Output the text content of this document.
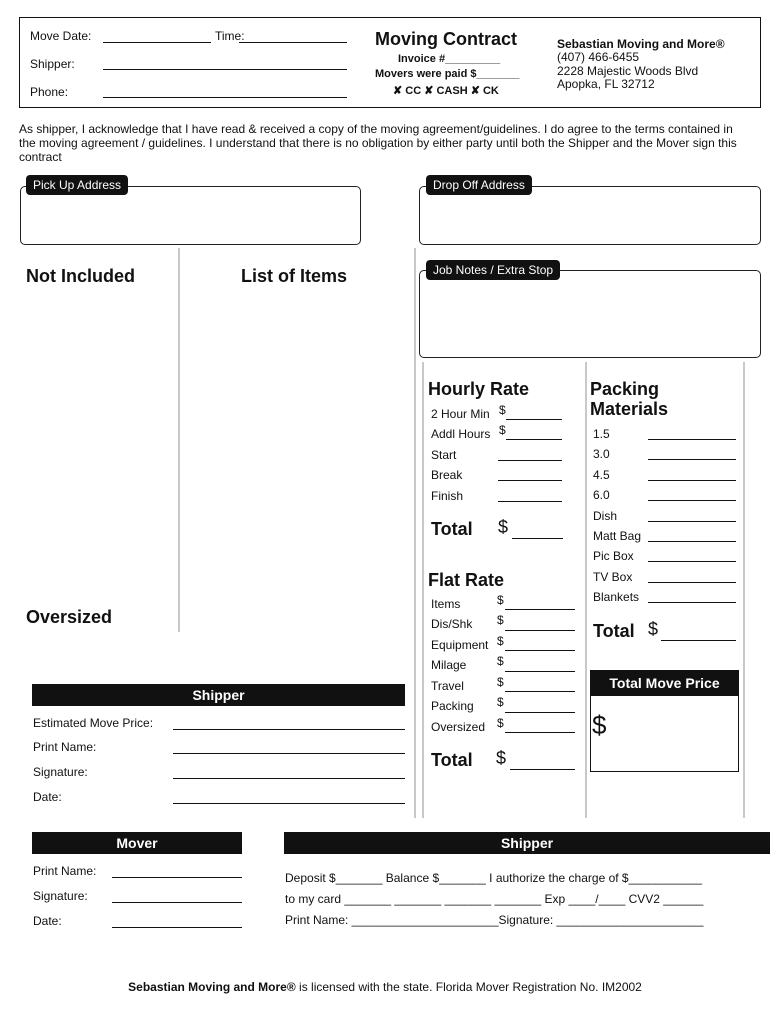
Move Date:	Time:
Shipper:
Phone:
Moving Contract
Invoice #_________
Movers were paid $_______
✘ CC ✘ CASH ✘ CK
Sebastian Moving and More®
(407) 466-6455
2228 Majestic Woods Blvd
Apopka, FL 32712
As shipper, I acknowledge that I have read & received a copy of the moving agreement/guidelines. I do agree to the terms contained in the moving agreement / guidelines. I understand that there is no obligation by either party until both the Shipper and the Mover sign this contract
Pick Up Address	Drop Off Address
Not Included	List of Items
Oversized
Job Notes / Extra Stop
Hourly Rate
2 Hour Min $
Addl Hours $
Start
Break
Finish
Total $
Flat Rate
Items	$
Dis/Shk $
Equipment $
Milage	$
Travel	$
Packing $
Oversized $
Total $
Packing
Materials
1.5
3.0
4.5
6.0
Dish
Matt Bag
Pic Box
TV Box
Blankets
Total $
Total Move Price
$
Shipper
Estimated Move Price:
Print Name:
Signature:
Date:
Mover
Print Name:
Signature:
Date:
Shipper
Deposit $_______ Balance $_______ I authorize the charge of $___________
to my card _______ _______ _______ _______ Exp ____/____ CVV2 ______
Print Name: ______________________Signature: ______________________
Sebastian Moving and More® is licensed with the state. Florida Mover Registration No. IM2002
